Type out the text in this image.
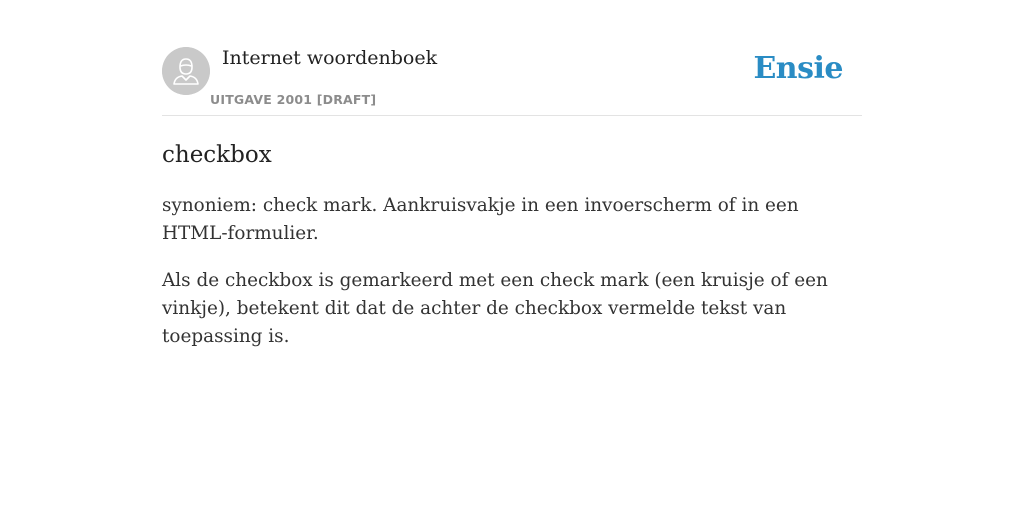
Internet woordenboek
UITGAVE 2001 [DRAFT]
Ensie
checkbox

synoniem: check mark. Aankruisvakje in een invoerscherm of in een HTML-formulier.

Als de checkbox is gemarkeerd met een check mark (een kruisje of een vinkje), betekent dit dat de achter de checkbox vermelde tekst van toepassing is.
